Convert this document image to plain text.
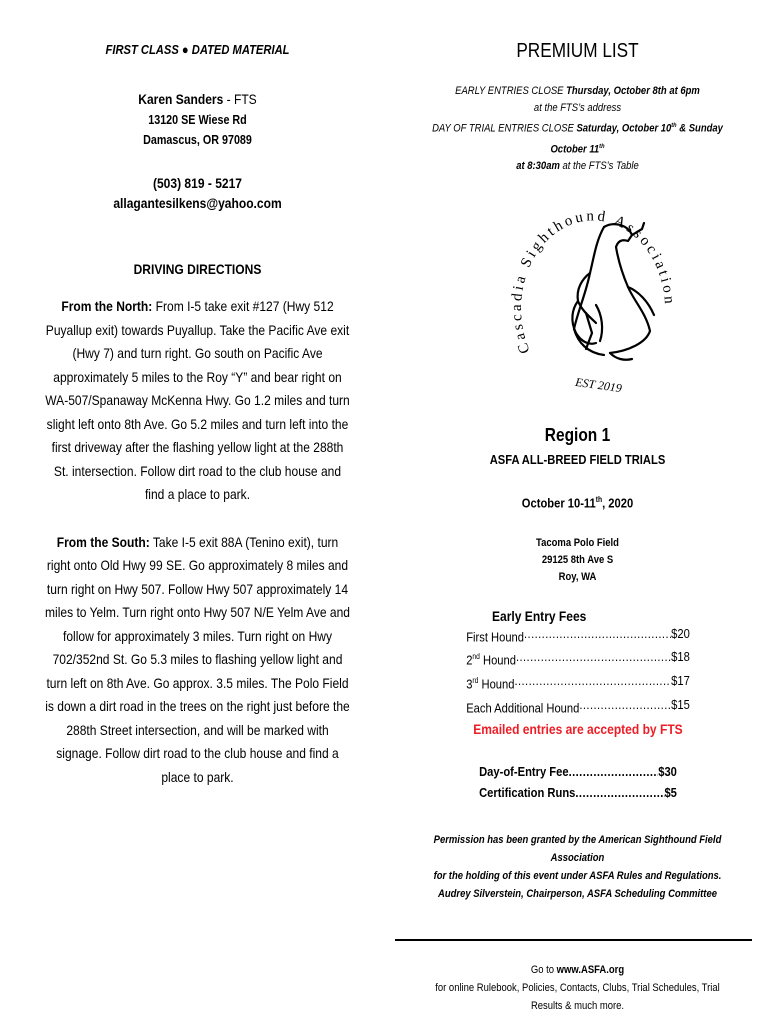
FIRST CLASS ● DATED MATERIAL
Karen Sanders - FTS
13120 SE Wiese Rd
Damascus, OR 97089
(503) 819 - 5217
allagantesilkens@yahoo.com
DRIVING DIRECTIONS
From the North: From I-5 take exit #127 (Hwy 512 Puyallup exit) towards Puyallup. Take the Pacific Ave exit (Hwy 7) and turn right. Go south on Pacific Ave approximately 5 miles to the Roy “Y” and bear right on WA-507/Spanaway McKenna Hwy. Go 1.2 miles and turn slight left onto 8th Ave. Go 5.2 miles and turn left into the first driveway after the flashing yellow light at the 288th St. intersection. Follow dirt road to the club house and find a place to park.
From the South: Take I-5 exit 88A (Tenino exit), turn right onto Old Hwy 99 SE. Go approximately 8 miles and turn right on Hwy 507. Follow Hwy 507 approximately 14 miles to Yelm. Turn right onto Hwy 507 N/E Yelm Ave and follow for approximately 3 miles. Turn right on Hwy 702/352nd St. Go 5.3 miles to flashing yellow light and turn left on 8th Ave. Go approx. 3.5 miles. The Polo Field is down a dirt road in the trees on the right just before the 288th Street intersection, and will be marked with signage. Follow dirt road to the club house and find a place to park.
PREMIUM LIST
EARLY ENTRIES CLOSE Thursday, October 8th at 6pm
at the FTS’s address
DAY OF TRIAL ENTRIES CLOSE Saturday, October 10th & Sunday October 11th
at 8:30am at the FTS’s Table
Cascadia Sighthound Association
EST 2019
Region 1
ASFA ALL-BREED FIELD TRIALS
October 10-11th, 2020
Tacoma Polo Field
29125 8th Ave S
Roy, WA
Early Entry Fees
First Hound .....	$20
2nd Hound .....	$18
3rd Hound .....	$17
Each Additional Hound .....	$15
Emailed entries are accepted by FTS
Day-of-Entry Fee .....	$30
Certification Runs .....	$5
Permission has been granted by the American Sighthound Field Association
for the holding of this event under ASFA Rules and Regulations.
Audrey Silverstein, Chairperson, ASFA Scheduling Committee
Go to www.ASFA.org
for online Rulebook, Policies, Contacts, Clubs, Trial Schedules, Trial Results & much more.
